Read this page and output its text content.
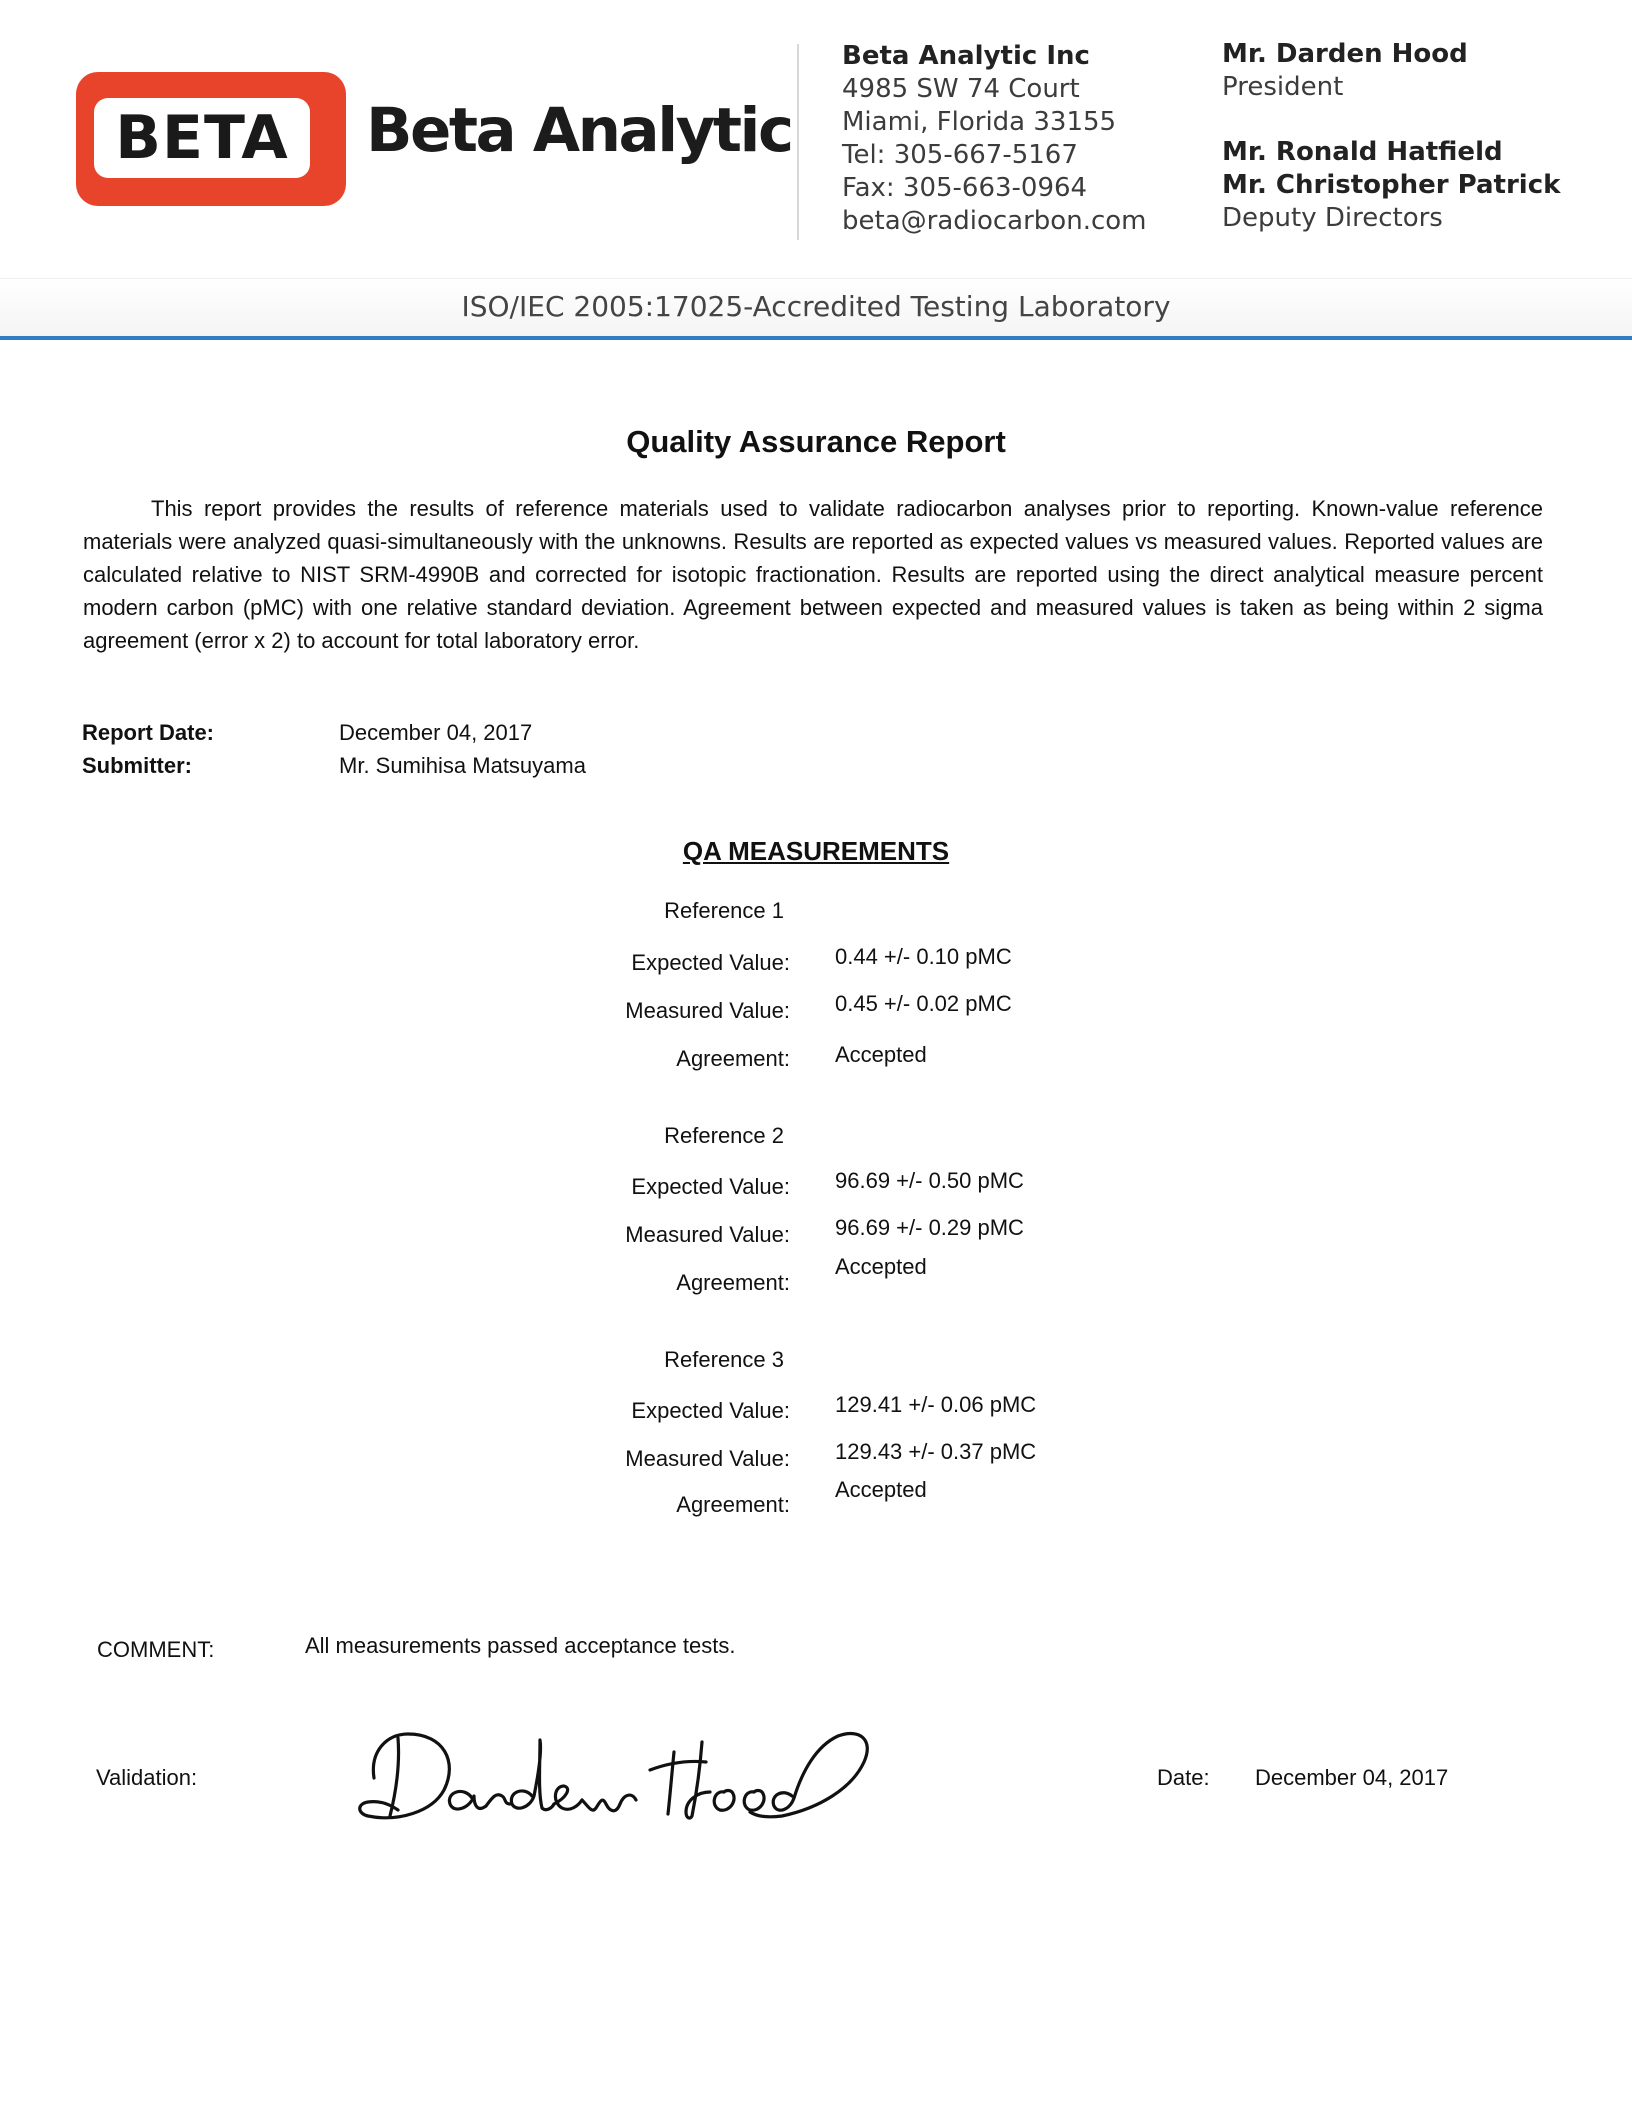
BETA Beta Analytic
Beta Analytic Inc
4985 SW 74 Court
Miami, Florida 33155
Tel: 305-667-5167
Fax: 305-663-0964
beta@radiocarbon.com
Mr. Darden Hood
President
Mr. Ronald Hatfield
Mr. Christopher Patrick
Deputy Directors
ISO/IEC 2005:17025-Accredited Testing Laboratory
Quality Assurance Report
This report provides the results of reference materials used to validate radiocarbon analyses prior to reporting. Known-value reference materials were analyzed quasi-simultaneously with the unknowns. Results are reported as expected values vs measured values. Reported values are calculated relative to NIST SRM-4990B and corrected for isotopic fractionation. Results are reported using the direct analytical measure percent modern carbon (pMC) with one relative standard deviation. Agreement between expected and measured values is taken as being within 2 sigma agreement (error x 2) to account for total laboratory error.
Report Date:	December 04, 2017
Submitter:	Mr. Sumihisa Matsuyama
QA MEASUREMENTS
Reference 1
Expected Value: 0.44 +/- 0.10 pMC
Measured Value: 0.45 +/- 0.02 pMC
Agreement: Accepted
Reference 2
Expected Value: 96.69 +/- 0.50 pMC
Measured Value: 96.69 +/- 0.29 pMC
Agreement:
Accepted
Reference 3
Expected Value: 129.41 +/- 0.06 pMC
Measured Value: 129.43 +/- 0.37 pMC
Agreement:
Accepted
COMMENT:	All measurements passed acceptance tests.
Validation:	Date: December 04, 2017
